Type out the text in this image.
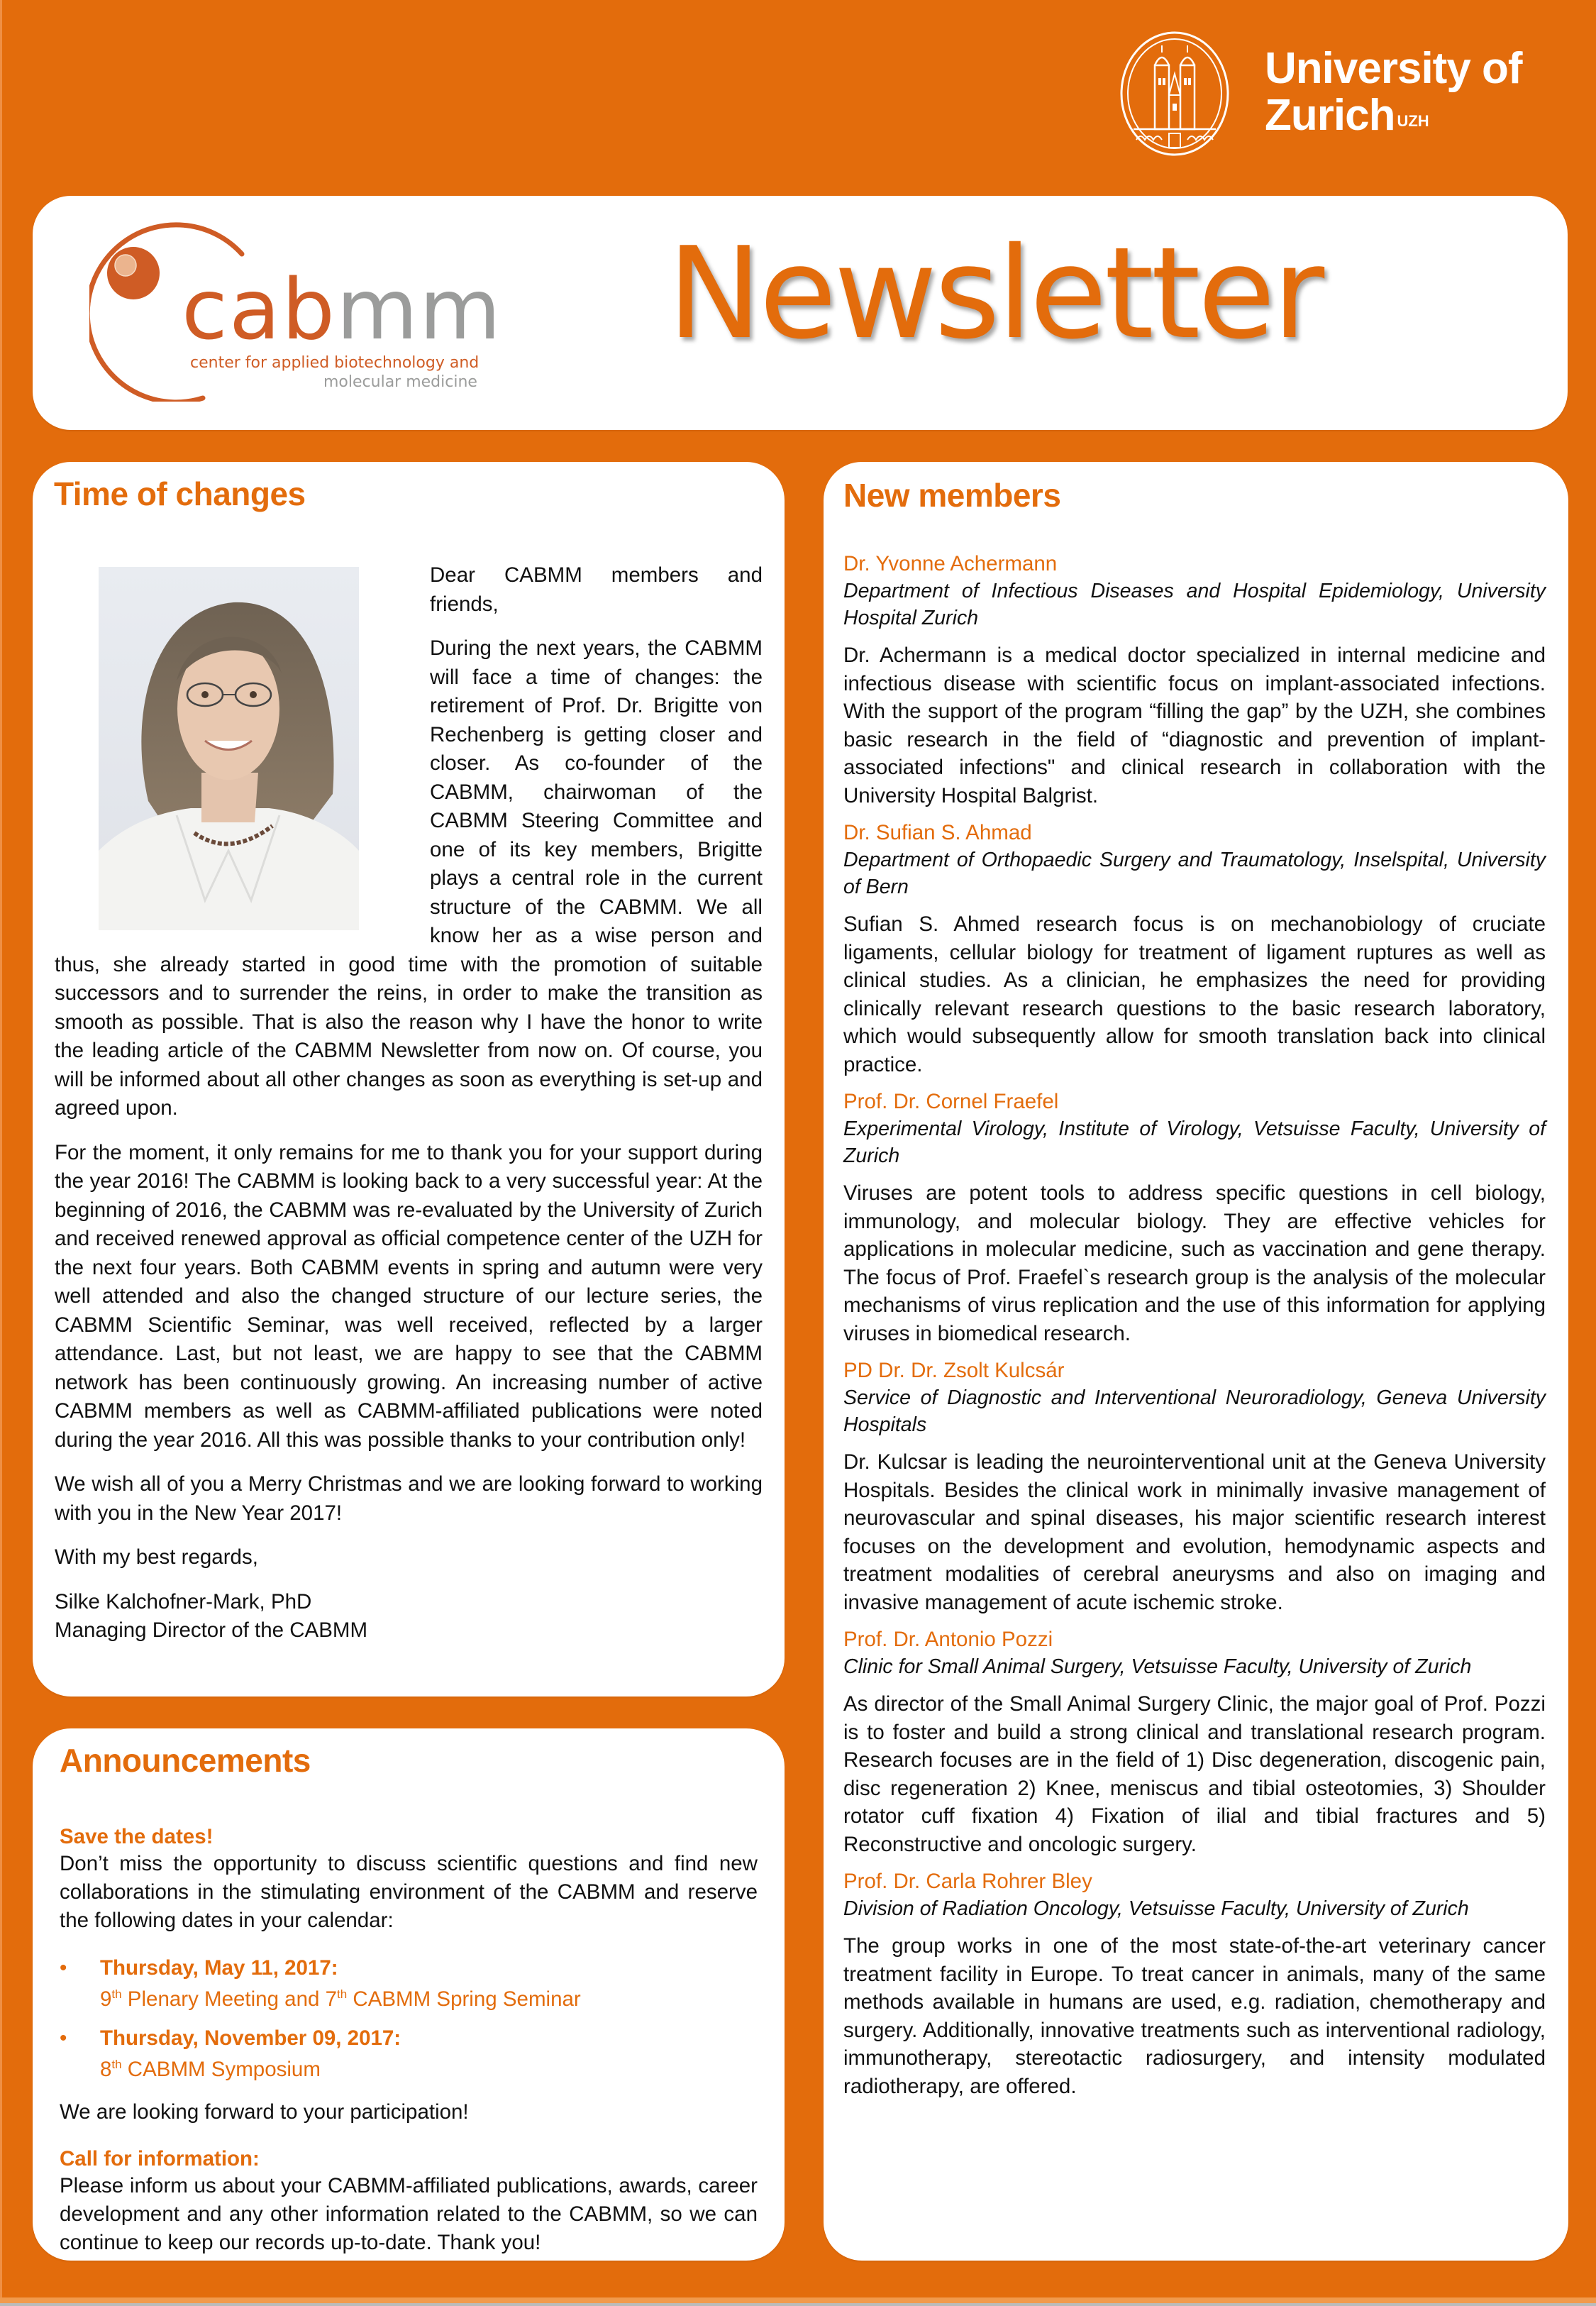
University of
Zurich $^{UZH}$
cabmm
center for applied biotechnology and
molecular medicine
Newsletter
Time of changes

Dear CABMM members and friends,

During the next years, the CABMM will face a time of changes: the retirement of Prof. Dr. Brigitte von Rechenberg is getting closer and closer. As co-founder of the CABMM, chairwoman of the CABMM Steering Committee and one of its key members, Brigitte plays a central role in the current structure of the CABMM. We all know her as a wise person and thus, she already started in good time with the promotion of suitable successors and to surrender the reins, in order to make the transition as smooth as possible. That is also the reason why I have the honor to write the leading article of the CABMM Newsletter from now on. Of course, you will be informed about all other changes as soon as everything is set-up and agreed upon.

For the moment, it only remains for me to thank you for your support during the year 2016! The CABMM is looking back to a very successful year: At the beginning of 2016, the CABMM was re-evaluated by the University of Zurich and received renewed approval as official competence center of the UZH for the next four years. Both CABMM events in spring and autumn were very well attended and also the changed structure of our lecture series, the CABMM Scientific Seminar, was well received, reflected by a larger attendance. Last, but not least, we are happy to see that the CABMM network has been continuously growing. An increasing number of active CABMM members as well as CABMM-affiliated publications were noted during the year 2016. All this was possible thanks to your contribution only!

We wish all of you a Merry Christmas and we are looking forward to working with you in the New Year 2017!

With my best regards,

Silke Kalchofner-Mark, PhD

Managing Director of the CABMM

Announcements
Save the dates!

Don’t miss the opportunity to discuss scientific questions and find new collaborations in the stimulating environment of the CABMM and reserve the following dates in your calendar:

• Thursday, May 11, 2017:
9th Plenary Meeting and 7th CABMM Spring Seminar
• Thursday, November 09, 2017:
8th CABMM Symposium

We are looking forward to your participation!

Call for information:

Please inform us about your CABMM-affiliated publications, awards, career development and any other information related to the CABMM, so we can continue to keep our records up-to-date. Thank you!

New members

Dr. Yvonne Achermann

Department of Infectious Diseases and Hospital Epidemiology, University Hospital Zurich

Dr. Achermann is a medical doctor specialized in internal medicine and infectious disease with scientific focus on implant-associated infections. With the support of the program “filling the gap” by the UZH, she combines basic research in the field of “diagnostic and prevention of implant-associated infections" and clinical research in collaboration with the University Hospital Balgrist.

Dr. Sufian S. Ahmad

Department of Orthopaedic Surgery and Traumatology, Inselspital, University of Bern

Sufian S. Ahmed research focus is on mechanobiology of cruciate ligaments, cellular biology for treatment of ligament ruptures as well as clinical studies. As a clinician, he emphasizes the need for providing clinically relevant research questions to the basic research laboratory, which would subsequently allow for smooth translation back into clinical practice.

Prof. Dr. Cornel Fraefel

Experimental Virology, Institute of Virology, Vetsuisse Faculty, University of Zurich

Viruses are potent tools to address specific questions in cell biology, immunology, and molecular biology. They are effective vehicles for applications in molecular medicine, such as vaccination and gene therapy. The focus of Prof. Fraefel`s research group is the analysis of the molecular mechanisms of virus replication and the use of this information for applying viruses in biomedical research.

PD Dr. Dr. Zsolt Kulcsár

Service of Diagnostic and Interventional Neuroradiology, Geneva University Hospitals

Dr. Kulcsar is leading the neurointerventional unit at the Geneva University Hospitals. Besides the clinical work in minimally invasive management of neurovascular and spinal diseases, his major scientific research interest focuses on the development and evolution, hemodynamic aspects and treatment modalities of cerebral aneurysms and also on imaging and invasive management of acute ischemic stroke.

Prof. Dr. Antonio Pozzi

Clinic for Small Animal Surgery, Vetsuisse Faculty, University of Zurich

As director of the Small Animal Surgery Clinic, the major goal of Prof. Pozzi is to foster and build a strong clinical and translational research program. Research focuses are in the field of 1) Disc degeneration, discogenic pain, disc regeneration 2) Knee, meniscus and tibial osteotomies, 3) Shoulder rotator cuff fixation 4) Fixation of ilial and tibial fractures and 5) Reconstructive and oncologic surgery.

Prof. Dr. Carla Rohrer Bley

Division of Radiation Oncology, Vetsuisse Faculty, University of Zurich

The group works in one of the most state-of-the-art veterinary cancer treatment facility in Europe. To treat cancer in animals, many of the same methods available in humans are used, e.g. radiation, chemotherapy and surgery. Additionally, innovative treatments such as interventional radiology, immunotherapy, stereotactic radiosurgery, and intensity modulated radiotherapy, are offered.
